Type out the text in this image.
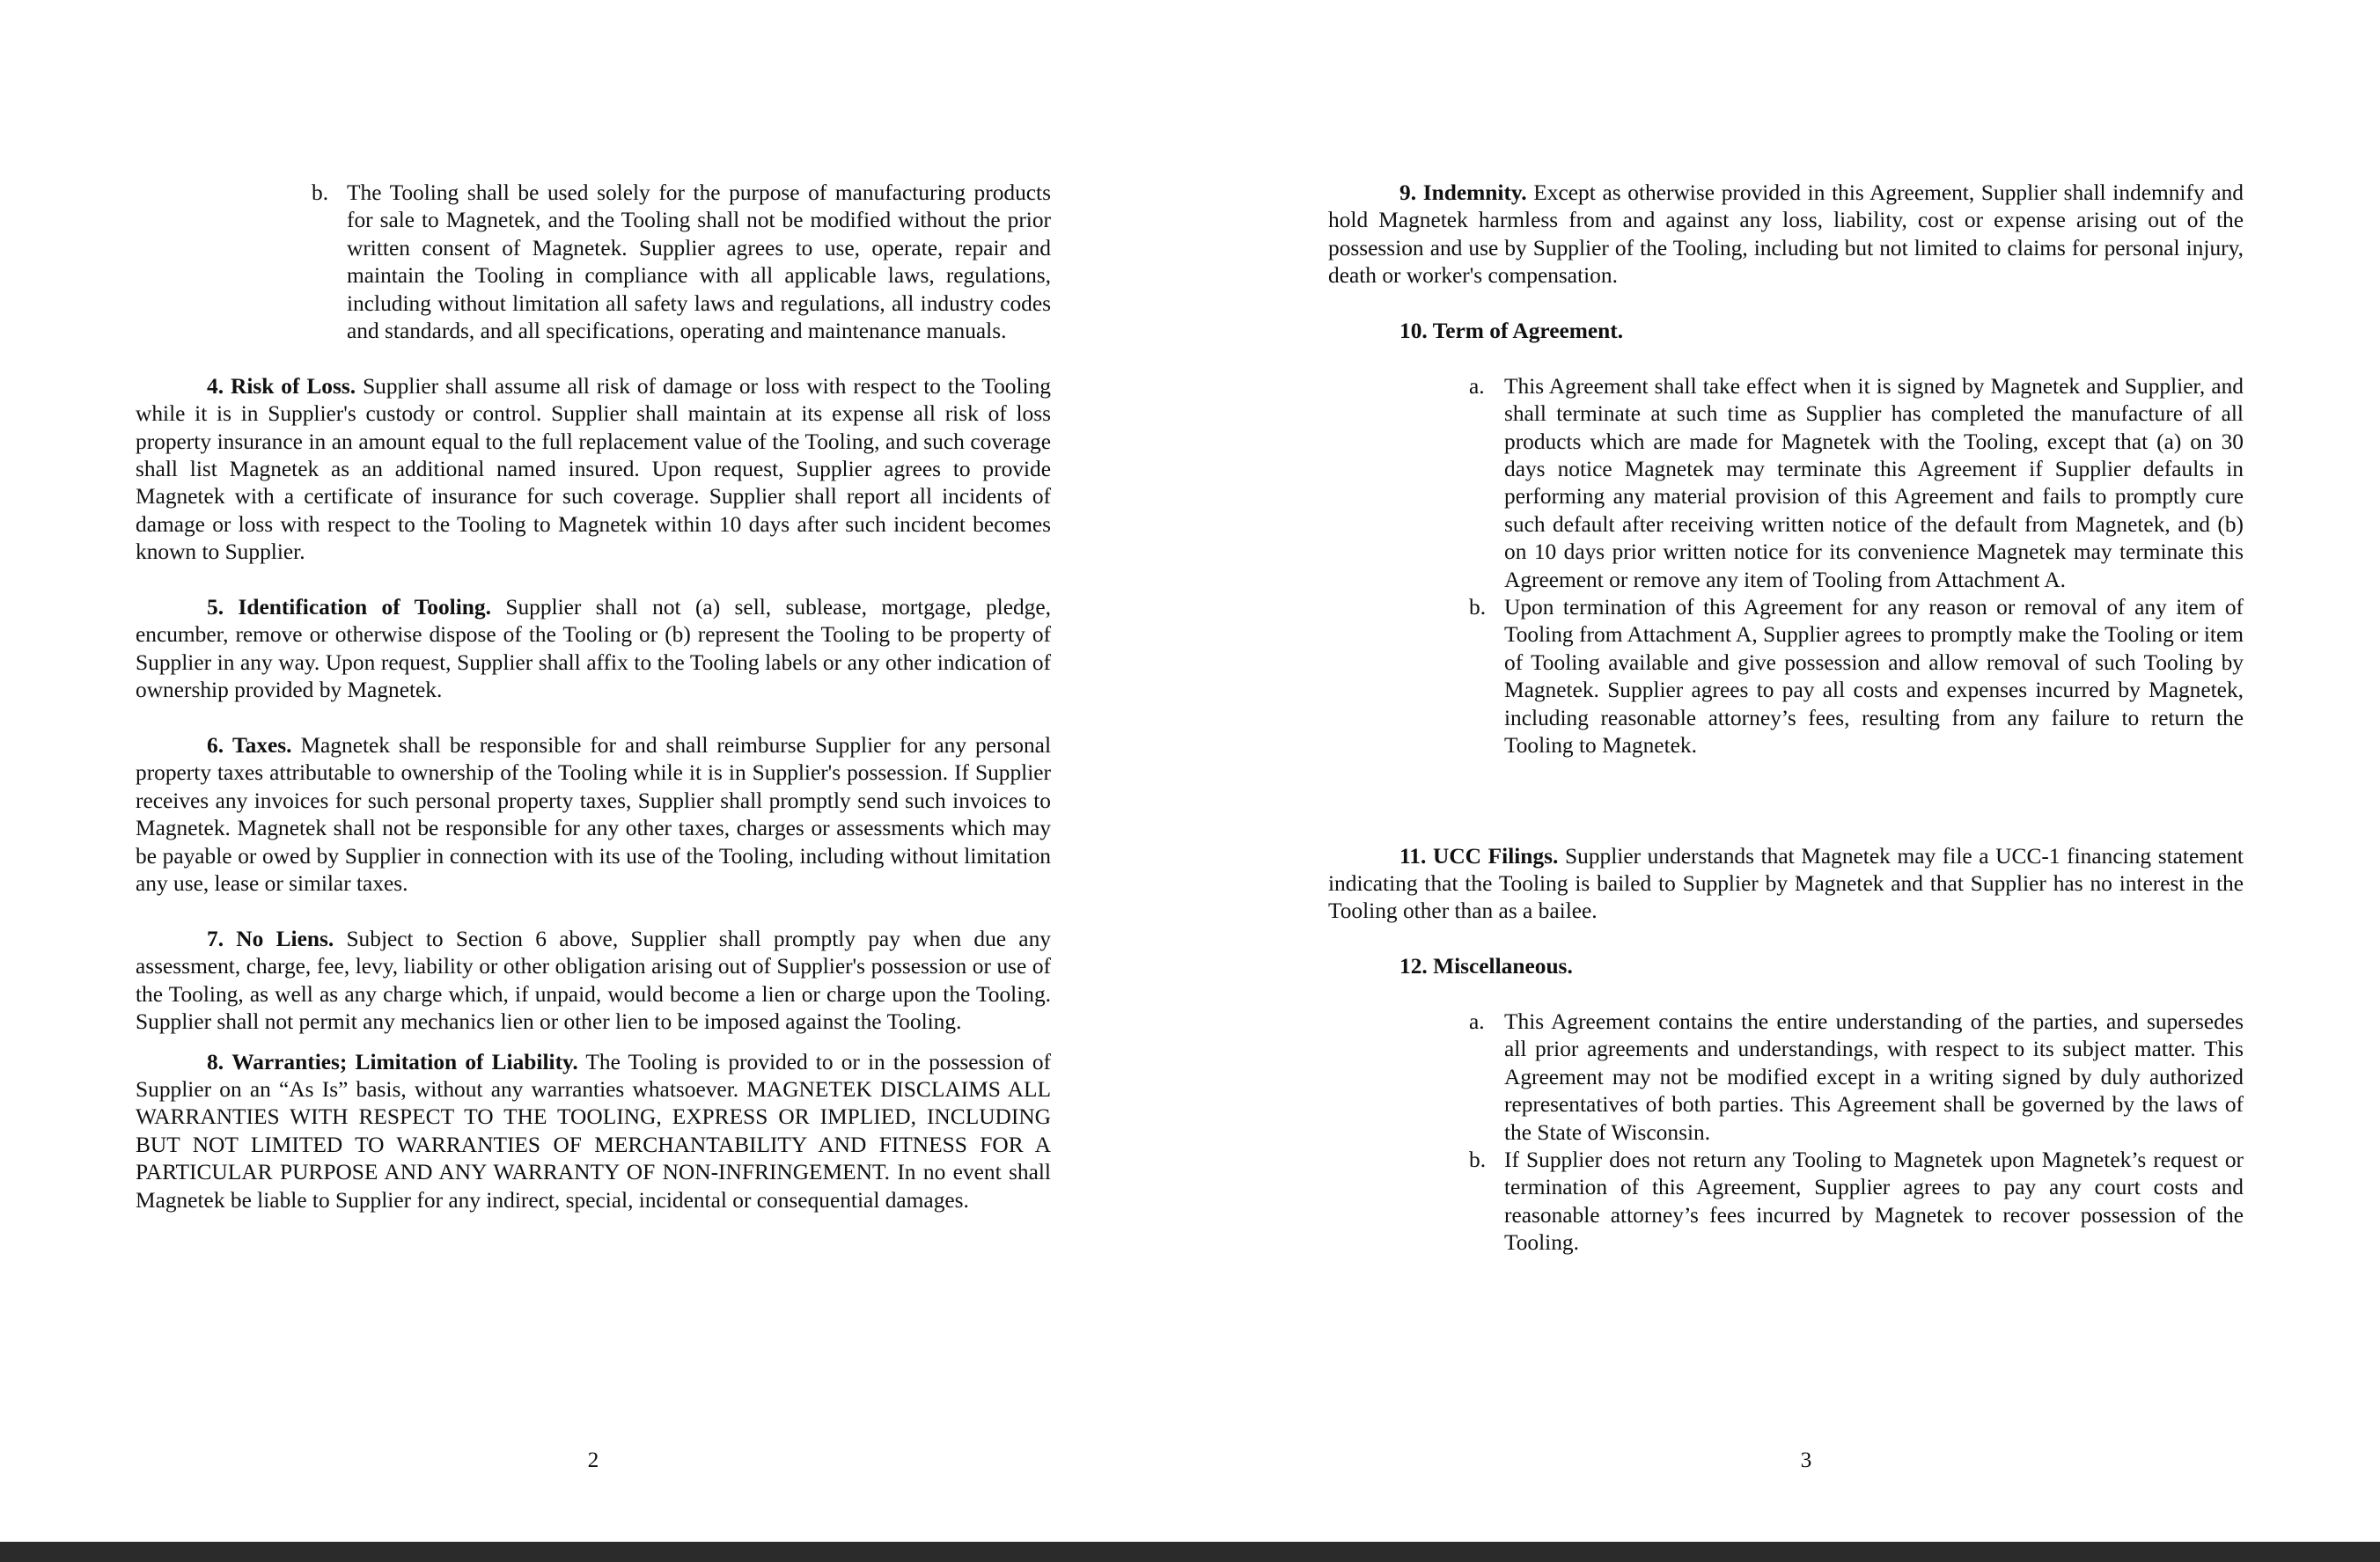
b. The Tooling shall be used solely for the purpose of manufacturing products for sale to Magnetek, and the Tooling shall not be modified without the prior written consent of Magnetek. Supplier agrees to use, operate, repair and maintain the Tooling in compliance with all applicable laws, regulations, including without limitation all safety laws and regulations, all industry codes and standards, and all specifications, operating and maintenance manuals.

4. Risk of Loss. Supplier shall assume all risk of damage or loss with respect to the Tooling while it is in Supplier's custody or control. Supplier shall maintain at its expense all risk of loss property insurance in an amount equal to the full replacement value of the Tooling, and such coverage shall list Magnetek as an additional named insured. Upon request, Supplier agrees to provide Magnetek with a certificate of insurance for such coverage. Supplier shall report all incidents of damage or loss with respect to the Tooling to Magnetek within 10 days after such incident becomes known to Supplier.

5. Identification of Tooling. Supplier shall not (a) sell, sublease, mortgage, pledge, encumber, remove or otherwise dispose of the Tooling or (b) represent the Tooling to be property of Supplier in any way. Upon request, Supplier shall affix to the Tooling labels or any other indication of ownership provided by Magnetek.

6. Taxes. Magnetek shall be responsible for and shall reimburse Supplier for any personal property taxes attributable to ownership of the Tooling while it is in Supplier's possession. If Supplier receives any invoices for such personal property taxes, Supplier shall promptly send such invoices to Magnetek. Magnetek shall not be responsible for any other taxes, charges or assessments which may be payable or owed by Supplier in connection with its use of the Tooling, including without limitation any use, lease or similar taxes.

7. No Liens. Subject to Section 6 above, Supplier shall promptly pay when due any assessment, charge, fee, levy, liability or other obligation arising out of Supplier's possession or use of the Tooling, as well as any charge which, if unpaid, would become a lien or charge upon the Tooling. Supplier shall not permit any mechanics lien or other lien to be imposed against the Tooling.

8. Warranties; Limitation of Liability. The Tooling is provided to or in the possession of Supplier on an “As Is” basis, without any warranties whatsoever. MAGNETEK DISCLAIMS ALL WARRANTIES WITH RESPECT TO THE TOOLING, EXPRESS OR IMPLIED, INCLUDING BUT NOT LIMITED TO WARRANTIES OF MERCHANTABILITY AND FITNESS FOR A PARTICULAR PURPOSE AND ANY WARRANTY OF NON-INFRINGEMENT. In no event shall Magnetek be liable to Supplier for any indirect, special, incidental or consequential damages.

2

9. Indemnity. Except as otherwise provided in this Agreement, Supplier shall indemnify and hold Magnetek harmless from and against any loss, liability, cost or expense arising out of the possession and use by Supplier of the Tooling, including but not limited to claims for personal injury, death or worker's compensation.

10. Term of Agreement.

a. This Agreement shall take effect when it is signed by Magnetek and Supplier, and shall terminate at such time as Supplier has completed the manufacture of all products which are made for Magnetek with the Tooling, except that (a) on 30 days notice Magnetek may terminate this Agreement if Supplier defaults in performing any material provision of this Agreement and fails to promptly cure such default after receiving written notice of the default from Magnetek, and (b) on 10 days prior written notice for its convenience Magnetek may terminate this Agreement or remove any item of Tooling from Attachment A.

b. Upon termination of this Agreement for any reason or removal of any item of Tooling from Attachment A, Supplier agrees to promptly make the Tooling or item of Tooling available and give possession and allow removal of such Tooling by Magnetek. Supplier agrees to pay all costs and expenses incurred by Magnetek, including reasonable attorney’s fees, resulting from any failure to return the Tooling to Magnetek.

11. UCC Filings. Supplier understands that Magnetek may file a UCC-1 financing statement indicating that the Tooling is bailed to Supplier by Magnetek and that Supplier has no interest in the Tooling other than as a bailee.

12. Miscellaneous.

a. This Agreement contains the entire understanding of the parties, and supersedes all prior agreements and understandings, with respect to its subject matter. This Agreement may not be modified except in a writing signed by duly authorized representatives of both parties. This Agreement shall be governed by the laws of the State of Wisconsin.

b. If Supplier does not return any Tooling to Magnetek upon Magnetek’s request or termination of this Agreement, Supplier agrees to pay any court costs and reasonable attorney’s fees incurred by Magnetek to recover possession of the Tooling.

3
